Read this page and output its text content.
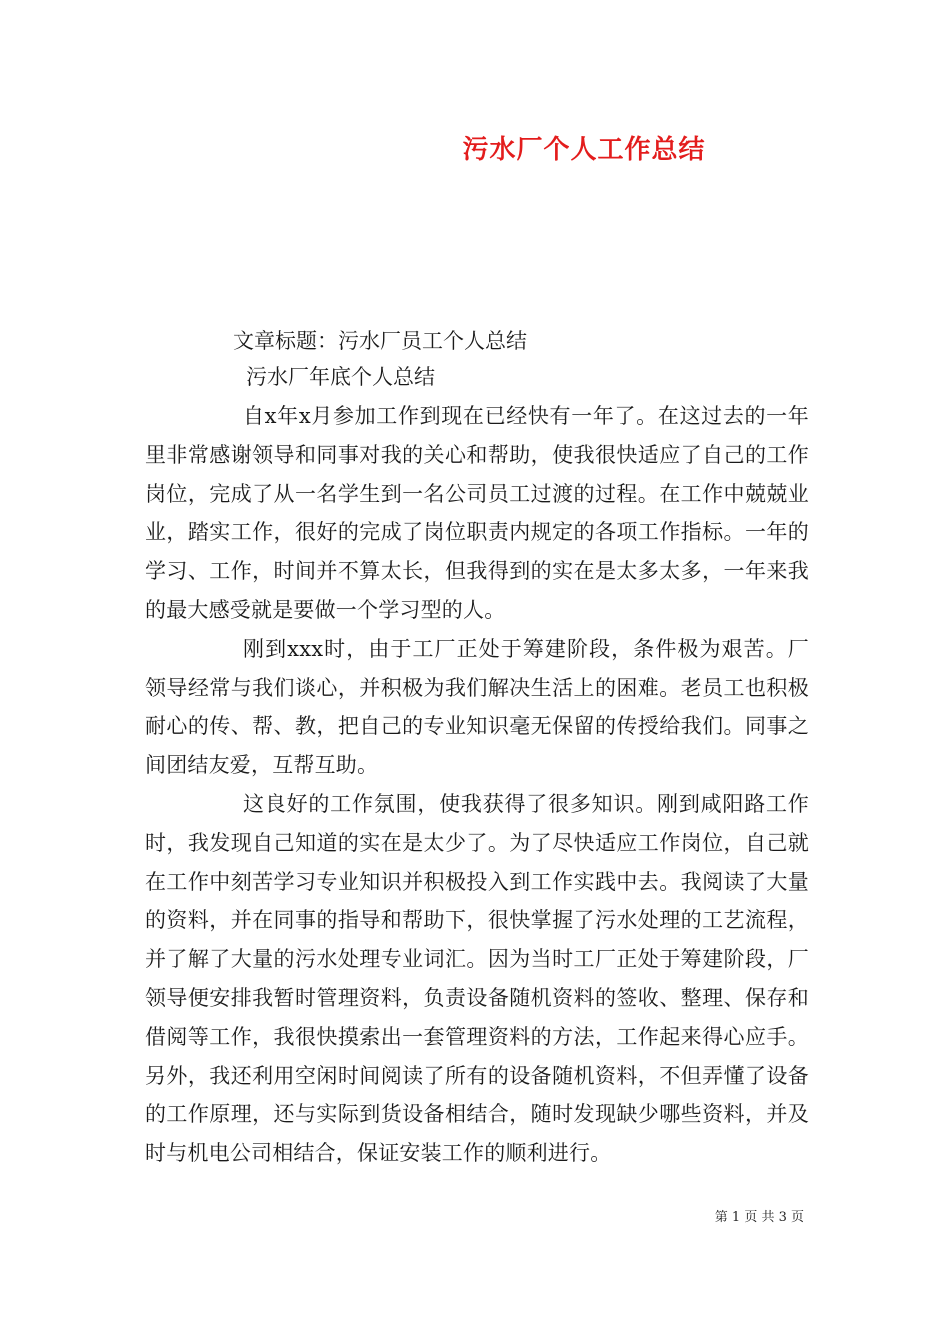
污水厂个人工作总结

文章标题：污水厂员工个人总结

污水厂年底个人总结

自x年x月参加工作到现在已经快有一年了。在这过去的一年里非常感谢领导和同事对我的关心和帮助，使我很快适应了自己的工作岗位，完成了从一名学生到一名公司员工过渡的过程。在工作中兢兢业业，踏实工作，很好的完成了岗位职责内规定的各项工作指标。一年的学习、工作，时间并不算太长，但我得到的实在是太多太多，一年来我的最大感受就是要做一个学习型的人。

刚到xxx时，由于工厂正处于筹建阶段，条件极为艰苦。厂领导经常与我们谈心，并积极为我们解决生活上的困难。老员工也积极耐心的传、帮、教，把自己的专业知识毫无保留的传授给我们。同事之间团结友爱，互帮互助。

这良好的工作氛围，使我获得了很多知识。刚到咸阳路工作时，我发现自己知道的实在是太少了。为了尽快适应工作岗位，自己就在工作中刻苦学习专业知识并积极投入到工作实践中去。我阅读了大量的资料，并在同事的指导和帮助下，很快掌握了污水处理的工艺流程，并了解了大量的污水处理专业词汇。因为当时工厂正处于筹建阶段，厂领导便安排我暂时管理资料，负责设备随机资料的签收、整理、保存和借阅等工作，我很快摸索出一套管理资料的方法，工作起来得心应手。另外，我还利用空闲时间阅读了所有的设备随机资料，不但弄懂了设备的工作原理，还与实际到货设备相结合，随时发现缺少哪些资料，并及时与机电公司相结合，保证安装工作的顺利进行。

第 1 页 共 3 页
